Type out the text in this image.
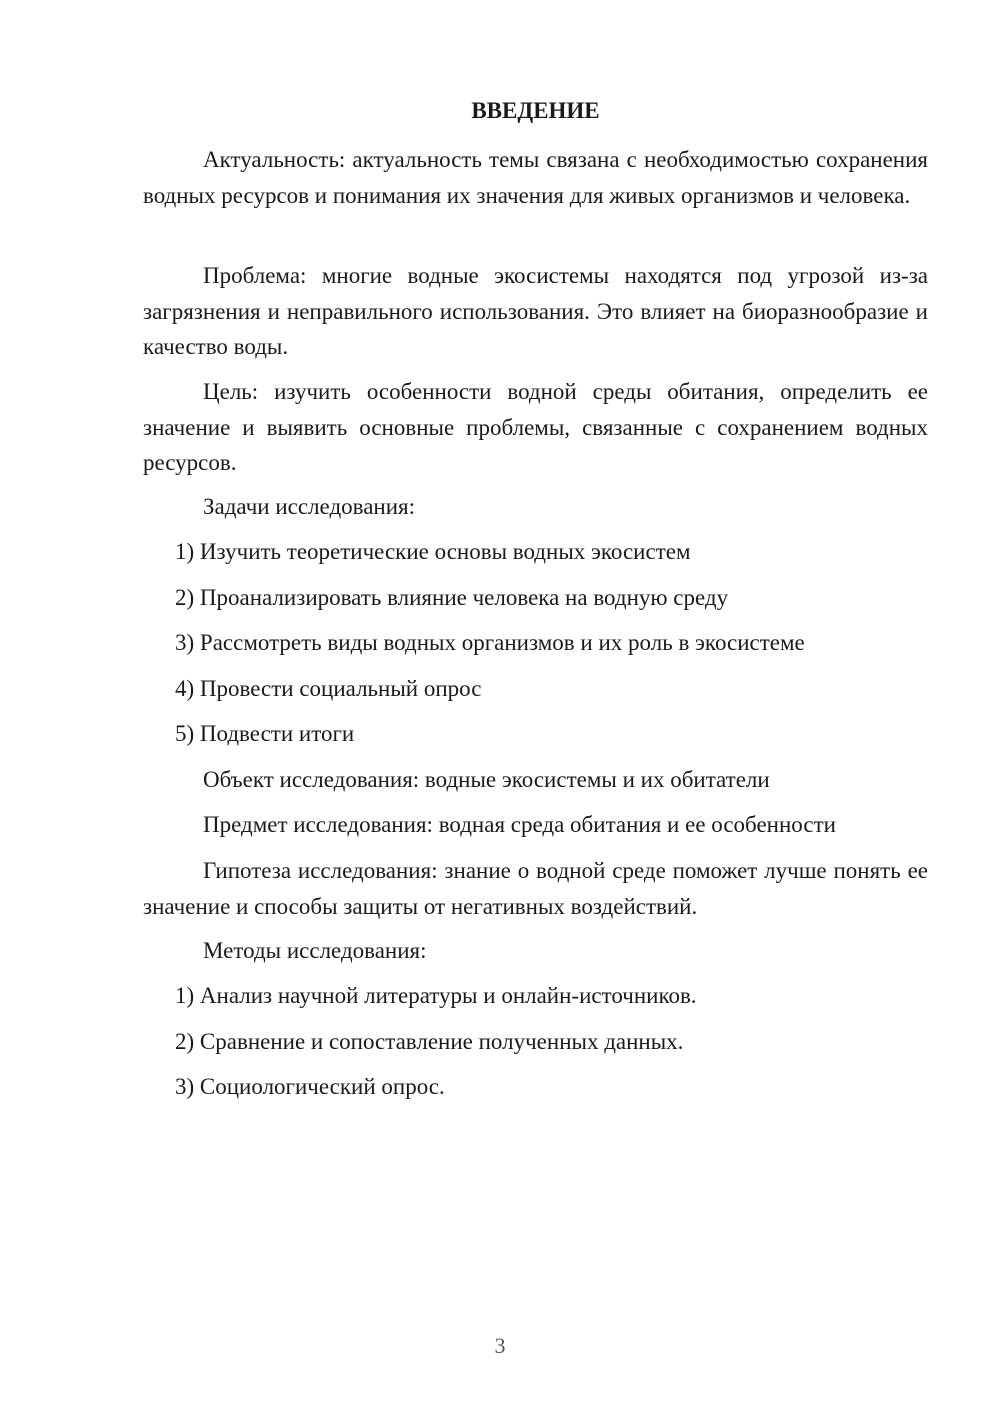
ВВЕДЕНИЕ

Актуальность: актуальность темы связана с необходимостью сохранения водных ресурсов и понимания их значения для живых организмов и человека.

Проблема: многие водные экосистемы находятся под угрозой из-за загрязнения и неправильного использования. Это влияет на биоразнообразие и качество воды.

Цель: изучить особенности водной среды обитания, определить ее значение и выявить основные проблемы, связанные с сохранением водных ресурсов.

Задачи исследования:

1) Изучить теоретические основы водных экосистем

2) Проанализировать влияние человека на водную среду

3) Рассмотреть виды водных организмов и их роль в экосистеме

4) Провести социальный опрос

5) Подвести итоги

Объект исследования: водные экосистемы и их обитатели

Предмет исследования: водная среда обитания и ее особенности

Гипотеза исследования: знание о водной среде поможет лучше понять ее значение и способы защиты от негативных воздействий.

Методы исследования:

1) Анализ научной литературы и онлайн-источников.

2) Сравнение и сопоставление полученных данных.

3) Социологический опрос.

3
